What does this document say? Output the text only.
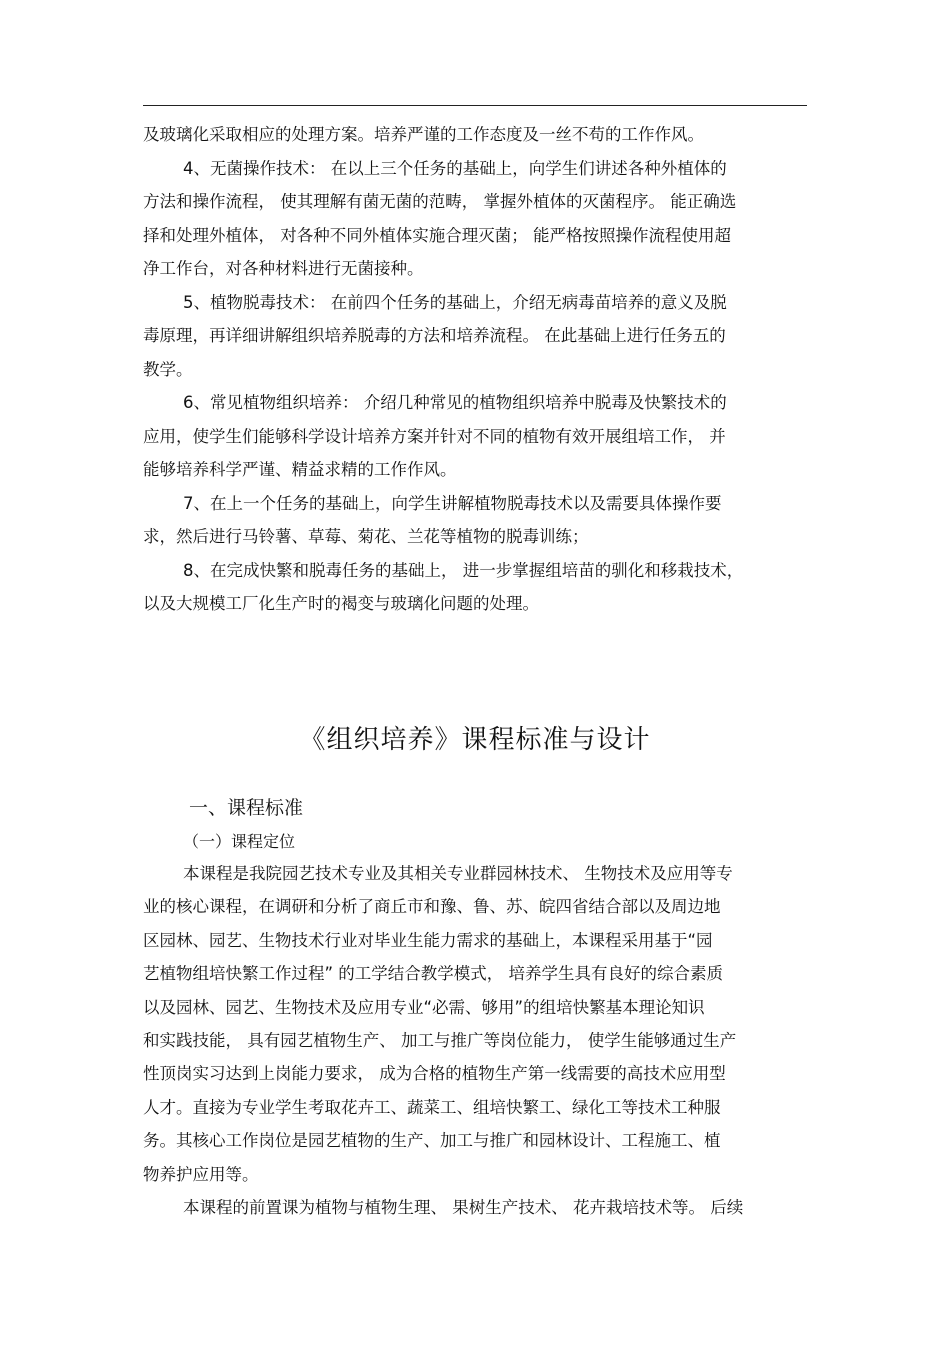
及玻璃化采取相应的处理方案。培养严谨的工作态度及一丝不苟的工作作风。
4、无菌操作技术： 在以上三个任务的基础上，向学生们讲述各种外植体的
方法和操作流程， 使其理解有菌无菌的范畴， 掌握外植体的灭菌程序。 能正确选
择和处理外植体， 对各种不同外植体实施合理灭菌； 能严格按照操作流程使用超
净工作台，对各种材料进行无菌接种。
5、植物脱毒技术： 在前四个任务的基础上，介绍无病毒苗培养的意义及脱
毒原理，再详细讲解组织培养脱毒的方法和培养流程。 在此基础上进行任务五的
教学。
6、常见植物组织培养： 介绍几种常见的植物组织培养中脱毒及快繁技术的
应用，使学生们能够科学设计培养方案并针对不同的植物有效开展组培工作， 并
能够培养科学严谨、精益求精的工作作风。
7、在上一个任务的基础上，向学生讲解植物脱毒技术以及需要具体操作要
求，然后进行马铃薯、草莓、菊花、兰花等植物的脱毒训练；
8、在完成快繁和脱毒任务的基础上， 进一步掌握组培苗的驯化和移栽技术，
以及大规模工厂化生产时的褐变与玻璃化问题的处理。
《组织培养》课程标准与设计
一、课程标准
（一）课程定位
本课程是我院园艺技术专业及其相关专业群园林技术、 生物技术及应用等专
业的核心课程，在调研和分析了商丘市和豫、鲁、苏、皖四省结合部以及周边地
区园林、园艺、生物技术行业对毕业生能力需求的基础上，本课程采用基于“园
艺植物组培快繁工作过程” 的工学结合教学模式， 培养学生具有良好的综合素质
以及园林、园艺、生物技术及应用专业“必需、够用”的组培快繁基本理论知识
和实践技能， 具有园艺植物生产、 加工与推广等岗位能力， 使学生能够通过生产
性顶岗实习达到上岗能力要求， 成为合格的植物生产第一线需要的高技术应用型
人才。直接为专业学生考取花卉工、蔬菜工、组培快繁工、绿化工等技术工种服
务。其核心工作岗位是园艺植物的生产、加工与推广和园林设计、工程施工、植
物养护应用等。
本课程的前置课为植物与植物生理、 果树生产技术、 花卉栽培技术等。 后续
